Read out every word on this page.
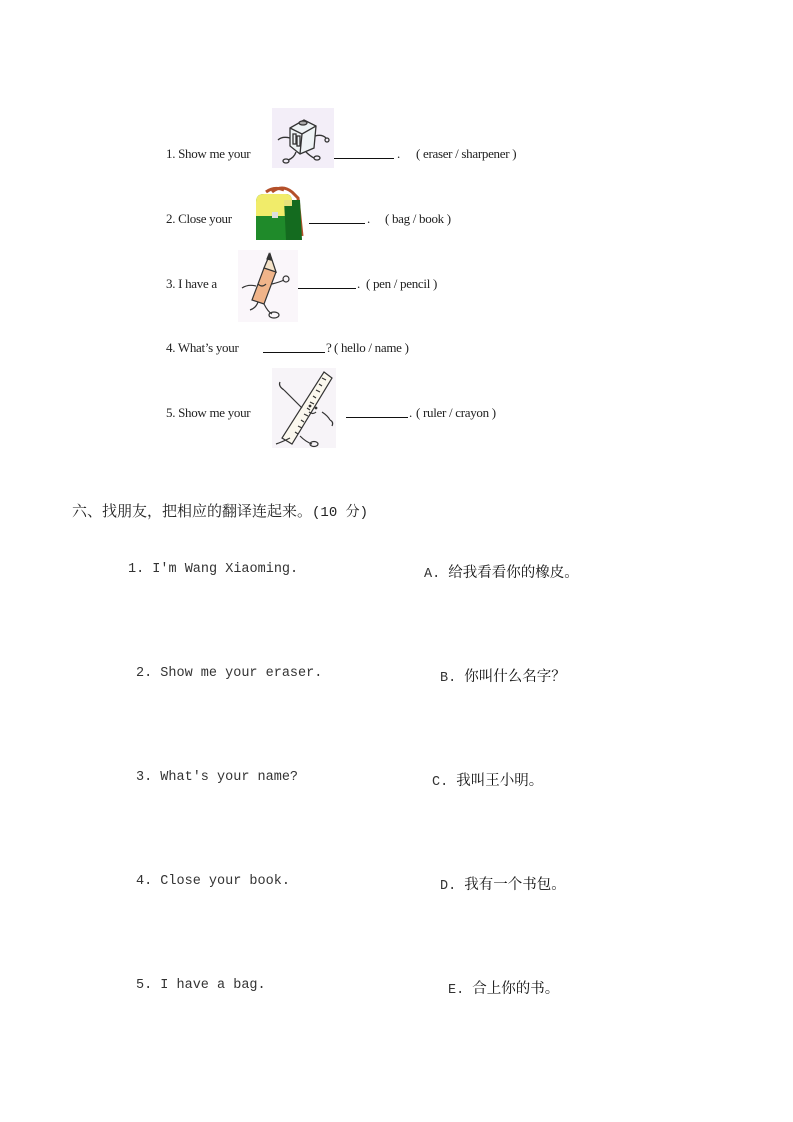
1. Show me your	. ( eraser / sharpener )
2. Close your	. ( bag / book )
3. I have a	. ( pen / pencil )
4. What’s your	? ( hello / name )
5. Show me your	. ( ruler / crayon )
六、找朋友，把相应的翻译连起来。(10 分)
1. I'm Wang Xiaoming.
2. Show me your eraser.
3. What's your name?
4. Close your book.
5. I have a bag.
A. 给我看看你的橡皮。
B. 你叫什么名字？
C. 我叫王小明。
D. 我有一个书包。
E. 合上你的书。
